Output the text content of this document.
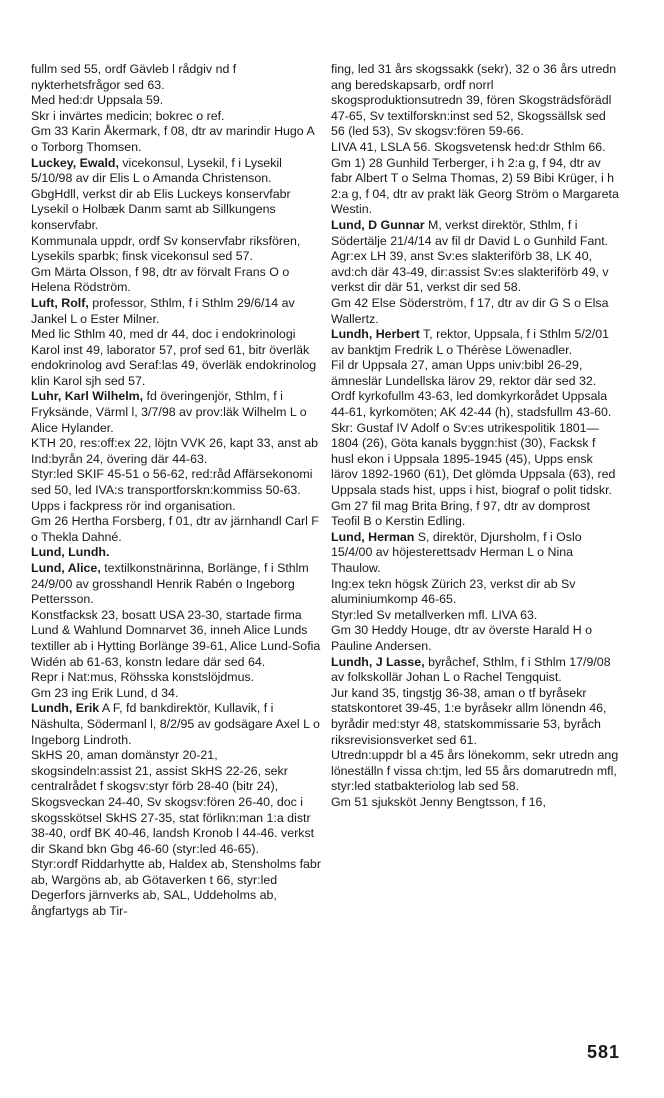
fullm sed 55, ordf Gävleb l rådgiv nd f nykterhetsfrågor sed 63.

Med hed:dr Uppsala 59.

Skr i invärtes medicin; bokrec o ref.

Gm 33 Karin Åkermark, f 08, dtr av marindir Hugo A o Torborg Thomsen.

Luckey, Ewald, vicekonsul, Lysekil, f i Lysekil 5/10/98 av dir Elis L o Amanda Christenson.

GbgHdll, verkst dir ab Elis Luckeys konservfabr Lysekil o Holbæk Danm samt ab Sillkungens konservfabr.

Kommunala uppdr, ordf Sv konservfabr riksfören, Lysekils sparbk; finsk vicekonsul sed 57.

Gm Märta Olsson, f 98, dtr av förvalt Frans O o Helena Rödström.

Luft, Rolf, professor, Sthlm, f i Sthlm 29/6/14 av Jankel L o Ester Milner.

Med lic Sthlm 40, med dr 44, doc i endokrinologi Karol inst 49, laborator 57, prof sed 61, bitr överläk endokrinolog avd Seraf:las 49, överläk endokrinolog klin Karol sjh sed 57.

Luhr, Karl Wilhelm, fd överingenjör, Sthlm, f i Fryksände, Värml l, 3/7/98 av prov:läk Wilhelm L o Alice Hylander.

KTH 20, res:off:ex 22, löjtn VVK 26, kapt 33, anst ab Ind:byrån 24, övering där 44-63.

Styr:led SKIF 45-51 o 56-62, red:råd Affärsekonomi sed 50, led IVA:s transportforskn:kommiss 50-63.

Upps i fackpress rör ind organisation.

Gm 26 Hertha Forsberg, f 01, dtr av järnhandl Carl F o Thekla Dahné.

Lund, Lundh.

Lund, Alice, textilkonstnärinna, Borlänge, f i Sthlm 24/9/00 av grosshandl Henrik Rabén o Ingeborg Pettersson.

Konstfacksk 23, bosatt USA 23-30, startade firma Lund & Wahlund Domnarvet 36, inneh Alice Lunds textiller ab i Hytting Borlänge 39-61, Alice Lund-Sofia Widén ab 61-63, konstn ledare där sed 64.

Repr i Nat:mus, Röhsska konstslöjdmus.

Gm 23 ing Erik Lund, d 34.

Lundh, Erik A F, fd bankdirektör, Kullavik, f i Näshulta, Södermanl l, 8/2/95 av godsägare Axel L o Ingeborg Lindroth.

SkHS 20, aman domänstyr 20-21, skogsindeln:assist 21, assist SkHS 22-26, sekr centralrådet f skogsv:styr förb 28-40 (bitr 24), Skogsveckan 24-40, Sv skogsv:fören 26-40, doc i skogsskötsel SkHS 27-35, stat förlikn:man 1:a distr 38-40, ordf BK 40-46, landsh Kronob l 44-46. verkst dir Skand bkn Gbg 46-60 (styr:led 46-65).

Styr:ordf Riddarhytte ab, Haldex ab, Stensholms fabr ab, Wargöns ab, ab Götaverken t 66, styr:led Degerfors järnverks ab, SAL, Uddeholms ab, ångfartygs ab Tir-

fing, led 31 års skogssakk (sekr), 32 o 36 års utredn ang beredskapsarb, ordf norrl skogsproduktionsutredn 39, fören Skogsträdsförädl 47-65, Sv textilforskn:inst sed 52, Skogssällsk sed 56 (led 53), Sv skogsv:fören 59-66.

LIVA 41, LSLA 56. Skogsvetensk hed:dr Sthlm 66.

Gm 1) 28 Gunhild Terberger, i h 2:a g, f 94, dtr av fabr Albert T o Selma Thomas, 2) 59 Bibi Krüger, i h 2:a g, f 04, dtr av prakt läk Georg Ström o Margareta Westin.

Lund, D Gunnar M, verkst direktör, Sthlm, f i Södertälje 21/4/14 av fil dr David L o Gunhild Fant.

Agr:ex LH 39, anst Sv:es slakteriförb 38, LK 40, avd:ch där 43-49, dir:assist Sv:es slakteriförb 49, v verkst dir där 51, verkst dir sed 58.

Gm 42 Else Söderström, f 17, dtr av dir G S o Elsa Wallertz.

Lundh, Herbert T, rektor, Uppsala, f i Sthlm 5/2/01 av banktjm Fredrik L o Thérèse Löwenadler.

Fil dr Uppsala 27, aman Upps univ:bibl 26-29, ämneslär Lundellska lärov 29, rektor där sed 32.

Ordf kyrkofullm 43-63, led domkyrkorådet Uppsala 44-61, kyrkomöten; AK 42-44 (h), stadsfullm 43-60.

Skr: Gustaf IV Adolf o Sv:es utrikespolitik 1801—1804 (26), Göta kanals byggn:hist (30), Facksk f husl ekon i Uppsala 1895-1945 (45), Upps ensk lärov 1892-1960 (61), Det glömda Uppsala (63), red Uppsala stads hist, upps i hist, biograf o polit tidskr.

Gm 27 fil mag Brita Bring, f 97, dtr av domprost Teofil B o Kerstin Edling.

Lund, Herman S, direktör, Djursholm, f i Oslo 15/4/00 av höjesterettsadv Herman L o Nina Thaulow.

Ing:ex tekn högsk Zürich 23, verkst dir ab Sv aluminiumkomp 46-65.

Styr:led Sv metallverken mfl. LIVA 63.

Gm 30 Heddy Houge, dtr av överste Harald H o Pauline Andersen.

Lundh, J Lasse, byråchef, Sthlm, f i Sthlm 17/9/08 av folkskollär Johan L o Rachel Tengquist.

Jur kand 35, tingstjg 36-38, aman o tf byråsekr statskontoret 39-45, 1:e byråsekr allm lönendn 46, byrådir med:styr 48, statskommissarie 53, byråch riksrevisionsverket sed 61.

Utredn:uppdr bl a 45 års lönekomm, sekr utredn ang löneställn f vissa ch:tjm, led 55 års domarutredn mfl, styr:led statbakteriolog lab sed 58.

Gm 51 sjuksköt Jenny Bengtsson, f 16,

581
